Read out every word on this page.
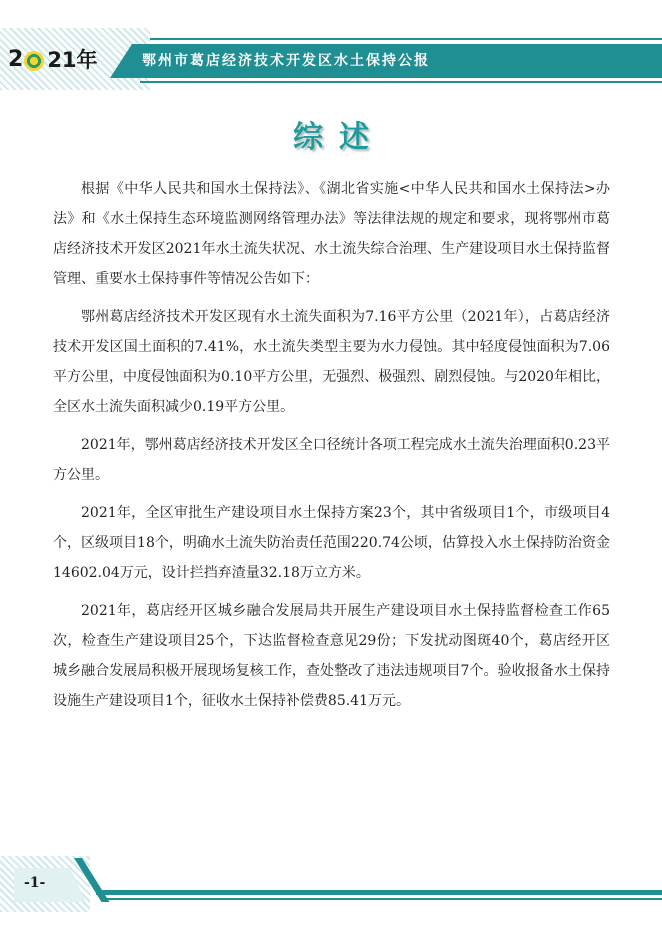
2 21年	鄂州市葛店经济技术开发区水土保持公报
综述

根据《中华人民共和国水土保持法》、《湖北省实施<中华人民共和国水土保持法>办法》和《水土保持生态环境监测网络管理办法》等法律法规的规定和要求，现将鄂州市葛店经济技术开发区2021年水土流失状况、水土流失综合治理、生产建设项目水土保持监督管理、重要水土保持事件等情况公告如下：

鄂州葛店经济技术开发区现有水土流失面积为7.16平方公里（2021年），占葛店经济技术开发区国土面积的7.41%，水土流失类型主要为水力侵蚀。其中轻度侵蚀面积为7.06平方公里，中度侵蚀面积为0.10平方公里，无强烈、极强烈、剧烈侵蚀。与2020年相比，全区水土流失面积减少0.19平方公里。

2021年，鄂州葛店经济技术开发区全口径统计各项工程完成水土流失治理面积0.23平方公里。

2021年，全区审批生产建设项目水土保持方案23个，其中省级项目1个，市级项目4个，区级项目18个，明确水土流失防治责任范围220.74公顷，估算投入水土保持防治资金14602.04万元，设计拦挡弃渣量32.18万立方米。

2021年，葛店经开区城乡融合发展局共开展生产建设项目水土保持监督检查工作65次，检查生产建设项目25个，下达监督检查意见29份；下发扰动图斑40个，葛店经开区城乡融合发展局积极开展现场复核工作，查处整改了违法违规项目7个。验收报备水土保持设施生产建设项目1个，征收水土保持补偿费85.41万元。

-1-
